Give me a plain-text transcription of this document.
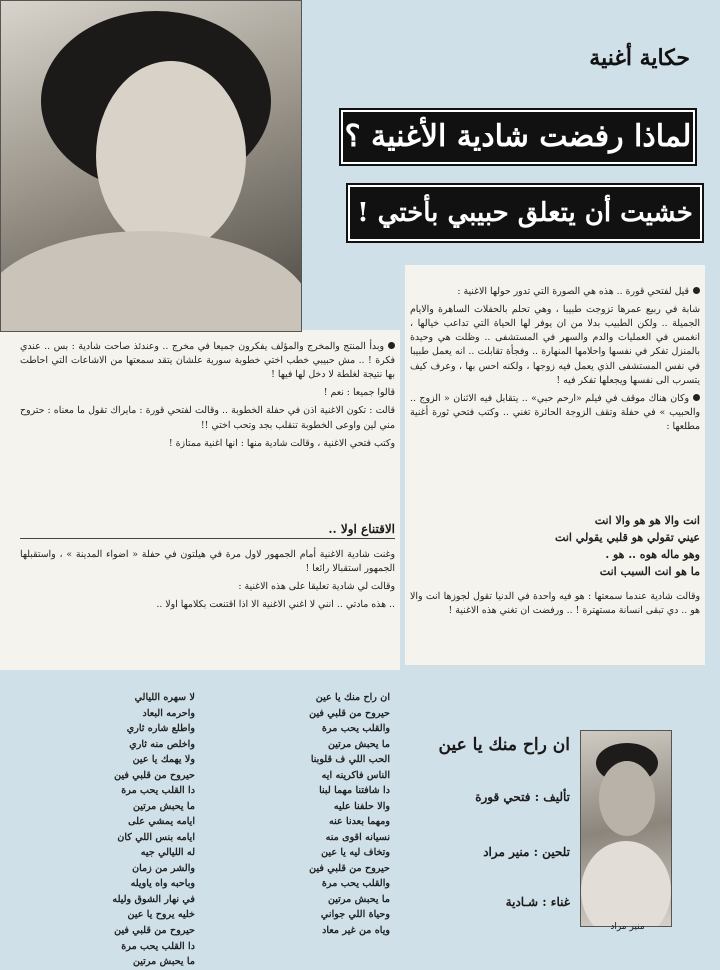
منير مراد
حكاية أغنية
لماذا رفضت شادية الأغنية ؟
خشيت أن يتعلق حبيبي بأختي !

قيل لفتحي قورة .. هذه هي الصورة التي تدور حولها الاغنية :

شابة في ربيع عمرها تزوجت طبيبا ، وهي تحلم بالحفلات الساهرة والايام الجميلة .. ولكن الطبيب بدلا من ان يوفر لها الحياة التي تداعب خيالها ، انغمس في العمليات والدم والسهر في المستشفى .. وظلت هي وحيدة بالمنزل تفكر في نفسها واحلامها المنهارة .. وفجأة تقابلت .. انه يعمل طبيبا في نفس المستشفى الذي يعمل فيه زوجها ، ولكنه احس بها ، وعرف كيف يتسرب الى نفسها ويجعلها تفكر فيه !

وكان هناك موقف في فيلم «ارحم حبي» .. يتقابل فيه الاثنان « الزوج .. والحبيب » في حفلة وتقف الزوجة الحائرة تغني .. وكتب فتحي ثورة أغنية مطلعها :

انت والا هو هو والا انت
عيني تقولي هو قلبي يقولي انت
وهو ماله هوه .. هو .
ما هو انت السبب انت

وقالت شادية عندما سمعتها : هو فيه واحدة في الدنيا تقول لجوزها انت والا هو .. دي تبقى انسانة مستهترة ! .. ورفضت ان تغني هذه الاغنية !

وبدأ المنتج والمخرج والمؤلف يفكرون جميعا في مخرج .. وعندئذ صاحت شادية : بس .. عندي فكرة ! .. مش حبيبي خطب اختي خطوبة سورية علشان يتقد سمعتها من الاشاعات التي احاطت بها نتيجة لغلطة لا دخل لها فيها !

قالوا جميعا : نعم !

قالت : تكون الاغنية اذن في حفلة الخطوبة .. وقالت لفتحي قورة : مايراك تقول ما معناه : حتروح مني لين واوعى الخطوبة تنقلب بجد وتحب اختي !!

وكتب فتحي الاغنية ، وقالت شادية منها : انها اغنية ممتازة !

الاقتناع اولا ..

وغنت شادية الاغنية أمام الجمهور لاول مرة في هيلتون في حفلة « اضواء المدينة » ، واستقبلها الجمهور استقبالا رائعا !

وقالت لي شادية تعليقا على هذه الاغنية :

.. هذه مادتي .. انني لا اغني الاغنية الا اذا اقتنعت بكلامها اولا ..

ان راح منك يا عين
تأليف : فتحي قورة
تلحين : منير مراد
غناء : شـادية
ان راح منك يا عين
حيروح من قلبي فين
والقلب يحب مرة
ما يحبش مرتين
الحب اللي ف قلوبنا
الناس فاكرينه ايه
دا شافتنا مهما لبنا
والا حلفنا عليه
ومهما بعدنا عنه
نسيانه اقوى منه
وتخاف ليه يا عين
حيروح من قلبي فين
والقلب يحب مرة
ما يحبش مرتين
وحياة اللي جواني
وياه من غير معاد
لا سهره الليالي
واحرمه البعاد
واطلع شاره ثاري
واخلص منه ثاري
ولا يهمك يا عين
حيروح من قلبي فين
دا القلب يحب مرة
ما يحبش مرتين
ايامه يمشي على
ايامه بنس اللي كان
له الليالي جيه
والشر من زمان
وباحبه واه ياويله
في نهار الشوق وليله
خليه يروح يا عين
حيروح من قلبي فين
دا القلب يحب مرة
ما يحبش مرتين
